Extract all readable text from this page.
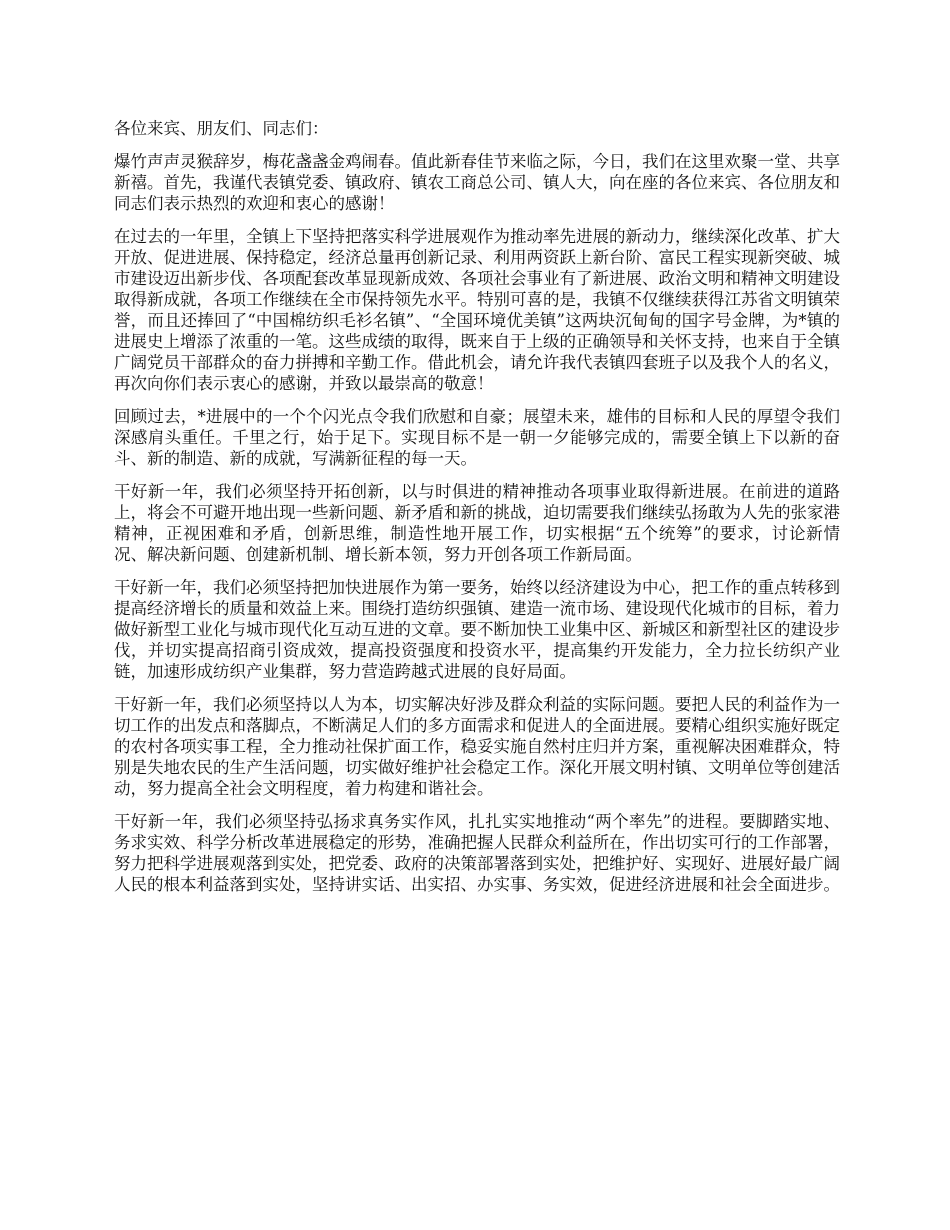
各位来宾、朋友们、同志们：

爆竹声声灵猴辞岁，梅花盏盏金鸡闹春。值此新春佳节来临之际，今日，我们在这里欢聚一堂、共享新禧。首先，我谨代表镇党委、镇政府、镇农工商总公司、镇人大，向在座的各位来宾、各位朋友和同志们表示热烈的欢迎和衷心的感谢！

在过去的一年里，全镇上下坚持把落实科学进展观作为推动率先进展的新动力，继续深化改革、扩大开放、促进进展、保持稳定，经济总量再创新记录、利用两资跃上新台阶、富民工程实现新突破、城市建设迈出新步伐、各项配套改革显现新成效、各项社会事业有了新进展、政治文明和精神文明建设取得新成就，各项工作继续在全市保持领先水平。特别可喜的是，我镇不仅继续获得江苏省文明镇荣誉，而且还捧回了“中国棉纺织毛衫名镇”、“全国环境优美镇”这两块沉甸甸的国字号金牌，为*镇的进展史上增添了浓重的一笔。这些成绩的取得，既来自于上级的正确领导和关怀支持，也来自于全镇广阔党员干部群众的奋力拼搏和辛勤工作。借此机会，请允许我代表镇四套班子以及我个人的名义，再次向你们表示衷心的感谢，并致以最崇高的敬意！

回顾过去，*进展中的一个个闪光点令我们欣慰和自豪；展望未来，雄伟的目标和人民的厚望令我们深感肩头重任。千里之行，始于足下。实现目标不是一朝一夕能够完成的，需要全镇上下以新的奋斗、新的制造、新的成就，写满新征程的每一天。

干好新一年，我们必须坚持开拓创新，以与时俱进的精神推动各项事业取得新进展。在前进的道路上，将会不可避开地出现一些新问题、新矛盾和新的挑战，迫切需要我们继续弘扬敢为人先的张家港精神，正视困难和矛盾，创新思维，制造性地开展工作，切实根据“五个统筹”的要求，讨论新情况、解决新问题、创建新机制、增长新本领，努力开创各项工作新局面。

干好新一年，我们必须坚持把加快进展作为第一要务，始终以经济建设为中心，把工作的重点转移到提高经济增长的质量和效益上来。围绕打造纺织强镇、建造一流市场、建设现代化城市的目标，着力做好新型工业化与城市现代化互动互进的文章。要不断加快工业集中区、新城区和新型社区的建设步伐，并切实提高招商引资成效，提高投资强度和投资水平，提高集约开发能力，全力拉长纺织产业链，加速形成纺织产业集群，努力营造跨越式进展的良好局面。

干好新一年，我们必须坚持以人为本，切实解决好涉及群众利益的实际问题。要把人民的利益作为一切工作的出发点和落脚点，不断满足人们的多方面需求和促进人的全面进展。要精心组织实施好既定的农村各项实事工程，全力推动社保扩面工作，稳妥实施自然村庄归并方案，重视解决困难群众，特别是失地农民的生产生活问题，切实做好维护社会稳定工作。深化开展文明村镇、文明单位等创建活动，努力提高全社会文明程度，着力构建和谐社会。

干好新一年，我们必须坚持弘扬求真务实作风，扎扎实实地推动“两个率先”的进程。要脚踏实地、务求实效、科学分析改革进展稳定的形势，准确把握人民群众利益所在，作出切实可行的工作部署，努力把科学进展观落到实处，把党委、政府的决策部署落到实处，把维护好、实现好、进展好最广阔人民的根本利益落到实处，坚持讲实话、出实招、办实事、务实效，促进经济进展和社会全面进步。
